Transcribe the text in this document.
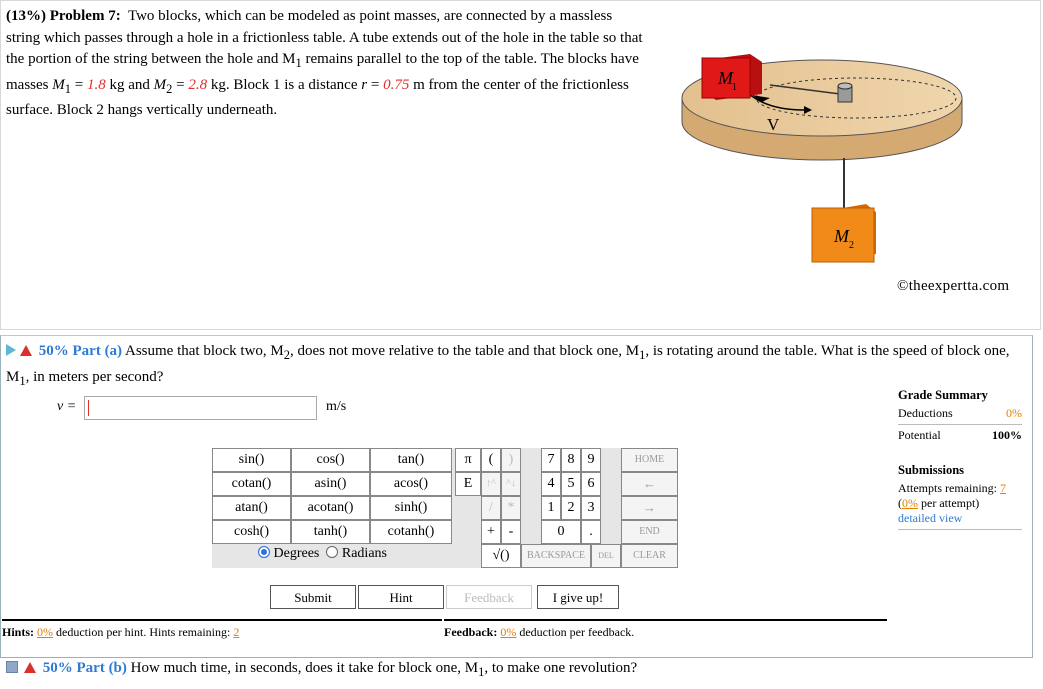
(13%) Problem 7: Two blocks, which can be modeled as point masses, are connected by a massless string which passes through a hole in a frictionless table. A tube extends out of the hole in the table so that the portion of the string between the hole and $M_1$ remains parallel to the top of the table. The blocks have masses $M_1 = 1.8$ kg and $M_2 = 2.8$ kg. Block 1 is a distance r = 0.75 m from the center of the frictionless surface. Block 2 hangs vertically underneath.
M 1
V
M 2
©theexpertta.com
50% Part (a) Assume that block two, $M_2$, does not move relative to the table and that block one, $M_1$, is rotating around the table. What is the speed of block one, $M_1$, in meters per second?
v =	m/s
sin()	cos()	tan()
cotan()	asin()	acos()
atan()	acotan()	sinh()
cosh()	tanh()	cotanh()
Degrees Radians
π	(	)
E	↑^	^↓
/	*
+ -
√()
7 8 9
4 5 6
1 2 3
0	.
HOME
←
→
END
BACKSPACE	DEL	CLEAR
Submit	Hint	Feedback	I give up!
Hints: 0% deduction per hint. Hints remaining: 2	Feedback: 0% deduction per feedback.
Grade Summary
Deductions	0%
Potential	100%
Submissions
Attempts remaining: 7
(0% per attempt)
detailed view
50% Part (b) How much time, in seconds, does it take for block one, $M_1$, to make one revolution?
